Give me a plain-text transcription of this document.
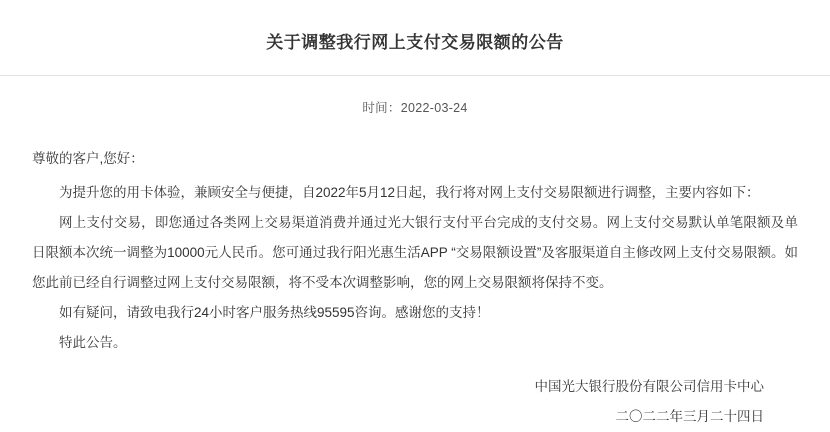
关于调整我行网上支付交易限额的公告
时间：2022-03-24
尊敬的客户,您好：

为提升您的用卡体验，兼顾安全与便捷，自2022年5月12日起，我行将对网上支付交易限额进行调整，主要内容如下：

网上支付交易，即您通过各类网上交易渠道消费并通过光大银行支付平台完成的支付交易。网上支付交易默认单笔限额及单日限额本次统一调整为10000元人民币。您可通过我行阳光惠生活APP “交易限额设置”及客服渠道自主修改网上支付交易限额。如您此前已经自行调整过网上支付交易限额，将不受本次调整影响，您的网上交易限额将保持不变。

如有疑问，请致电我行24小时客户服务热线95595咨询。感谢您的支持！

特此公告。

中国光大银行股份有限公司信用卡中心
二〇二二年三月二十四日
